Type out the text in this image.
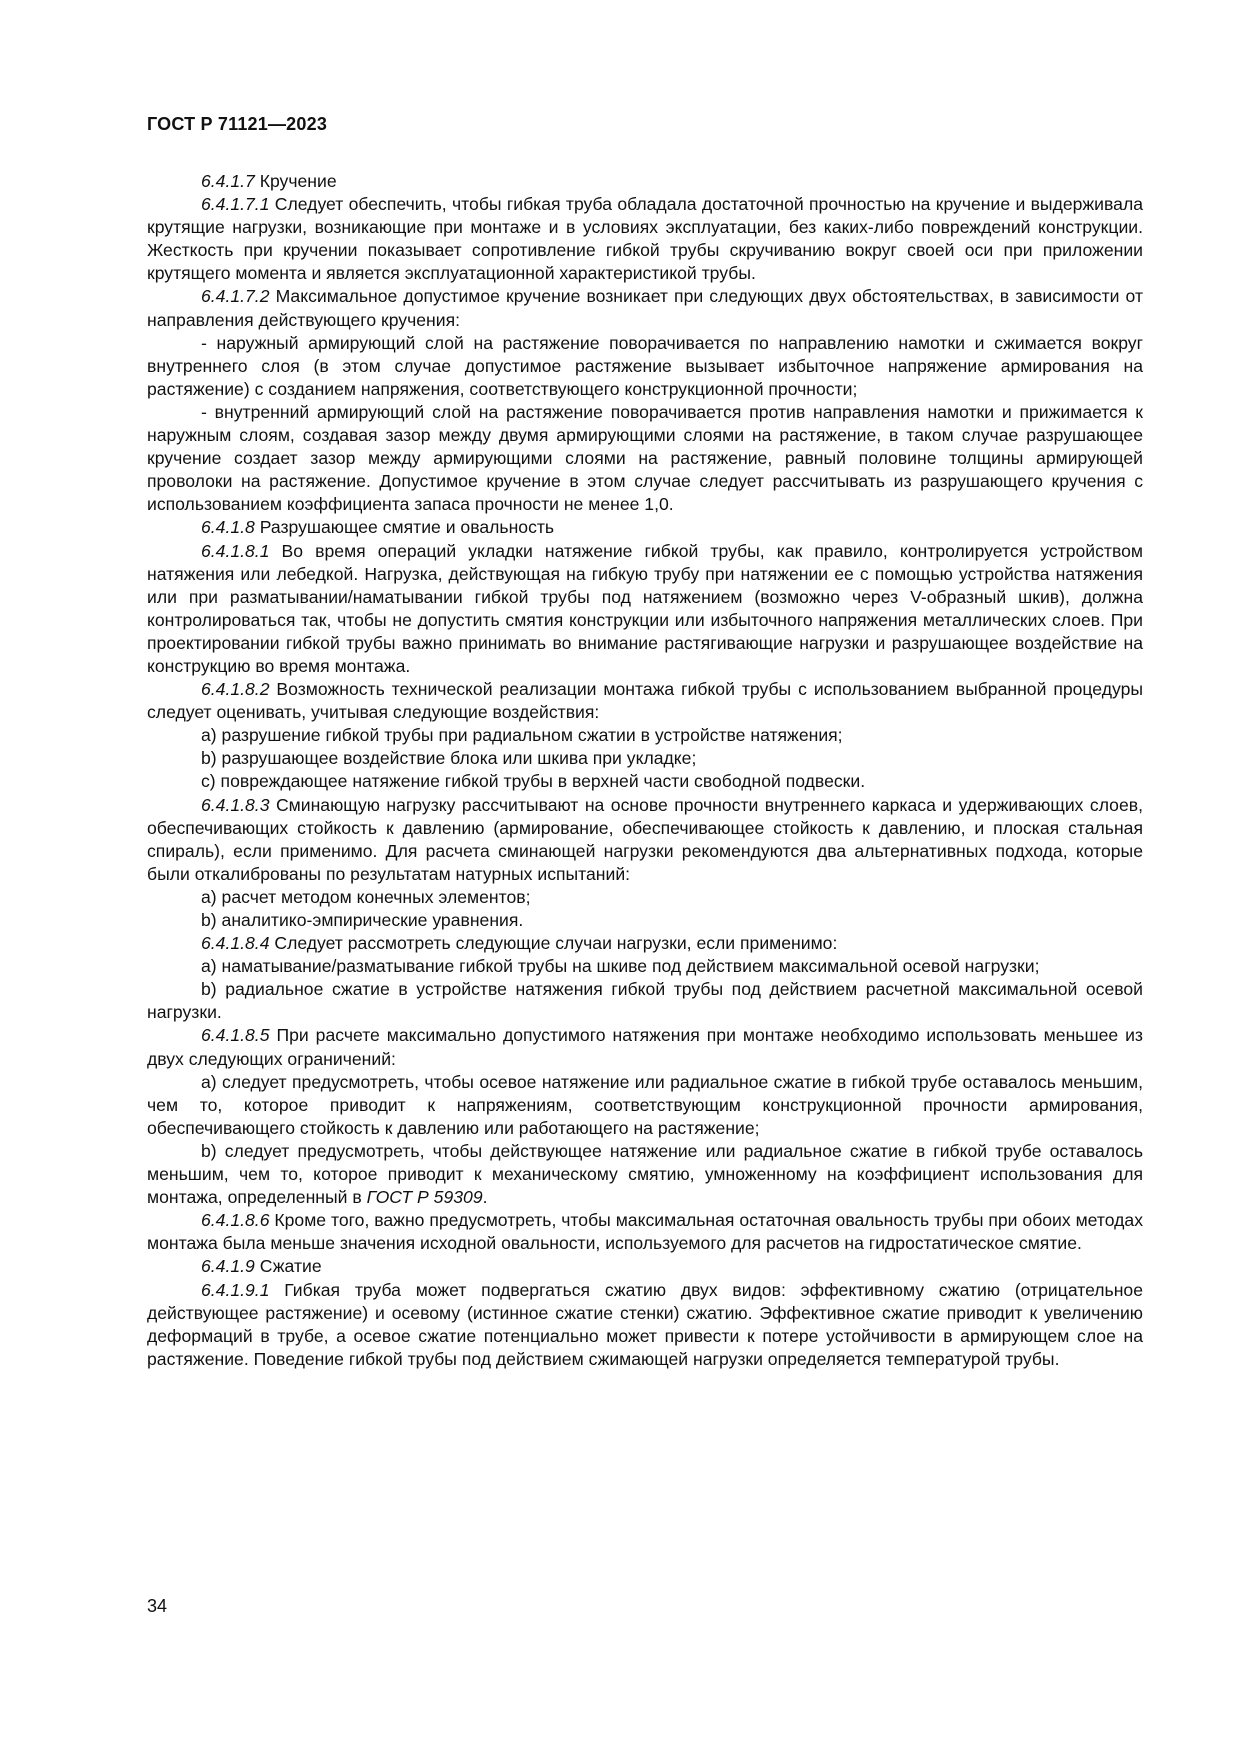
ГОСТ Р 71121—2023

6.4.1.7 Кручение

6.4.1.7.1 Следует обеспечить, чтобы гибкая труба обладала достаточной прочностью на кручение и выдерживала крутящие нагрузки, возникающие при монтаже и в условиях эксплуатации, без каких-либо повреждений конструкции. Жесткость при кручении показывает сопротивление гибкой трубы скручиванию вокруг своей оси при приложении крутящего момента и является эксплуатационной характеристикой трубы.

6.4.1.7.2 Максимальное допустимое кручение возникает при следующих двух обстоятельствах, в зависимости от направления действующего кручения:

- наружный армирующий слой на растяжение поворачивается по направлению намотки и сжимается вокруг внутреннего слоя (в этом случае допустимое растяжение вызывает избыточное напряжение армирования на растяжение) с созданием напряжения, соответствующего конструкционной прочности;

- внутренний армирующий слой на растяжение поворачивается против направления намотки и прижимается к наружным слоям, создавая зазор между двумя армирующими слоями на растяжение, в таком случае разрушающее кручение создает зазор между армирующими слоями на растяжение, равный половине толщины армирующей проволоки на растяжение. Допустимое кручение в этом случае следует рассчитывать из разрушающего кручения с использованием коэффициента запаса прочности не менее 1,0.

6.4.1.8 Разрушающее смятие и овальность

6.4.1.8.1 Во время операций укладки натяжение гибкой трубы, как правило, контролируется устройством натяжения или лебедкой. Нагрузка, действующая на гибкую трубу при натяжении ее с помощью устройства натяжения или при разматывании/наматывании гибкой трубы под натяжением (возможно через V-образный шкив), должна контролироваться так, чтобы не допустить смятия конструкции или избыточного напряжения металлических слоев. При проектировании гибкой трубы важно принимать во внимание растягивающие нагрузки и разрушающее воздействие на конструкцию во время монтажа.

6.4.1.8.2 Возможность технической реализации монтажа гибкой трубы с использованием выбранной процедуры следует оценивать, учитывая следующие воздействия:

a) разрушение гибкой трубы при радиальном сжатии в устройстве натяжения;

b) разрушающее воздействие блока или шкива при укладке;

c) повреждающее натяжение гибкой трубы в верхней части свободной подвески.

6.4.1.8.3 Сминающую нагрузку рассчитывают на основе прочности внутреннего каркаса и удерживающих слоев, обеспечивающих стойкость к давлению (армирование, обеспечивающее стойкость к давлению, и плоская стальная спираль), если применимо. Для расчета сминающей нагрузки рекомендуются два альтернативных подхода, которые были откалиброваны по результатам натурных испытаний:

a) расчет методом конечных элементов;

b) аналитико-эмпирические уравнения.

6.4.1.8.4 Следует рассмотреть следующие случаи нагрузки, если применимо:

a) наматывание/разматывание гибкой трубы на шкиве под действием максимальной осевой нагрузки;

b) радиальное сжатие в устройстве натяжения гибкой трубы под действием расчетной максимальной осевой нагрузки.

6.4.1.8.5 При расчете максимально допустимого натяжения при монтаже необходимо использовать меньшее из двух следующих ограничений:

a) следует предусмотреть, чтобы осевое натяжение или радиальное сжатие в гибкой трубе оставалось меньшим, чем то, которое приводит к напряжениям, соответствующим конструкционной прочности армирования, обеспечивающего стойкость к давлению или работающего на растяжение;

b) следует предусмотреть, чтобы действующее натяжение или радиальное сжатие в гибкой трубе оставалось меньшим, чем то, которое приводит к механическому смятию, умноженному на коэффициент использования для монтажа, определенный в ГОСТ Р 59309.

6.4.1.8.6 Кроме того, важно предусмотреть, чтобы максимальная остаточная овальность трубы при обоих методах монтажа была меньше значения исходной овальности, используемого для расчетов на гидростатическое смятие.

6.4.1.9 Сжатие

6.4.1.9.1 Гибкая труба может подвергаться сжатию двух видов: эффективному сжатию (отрицательное действующее растяжение) и осевому (истинное сжатие стенки) сжатию. Эффективное сжатие приводит к увеличению деформаций в трубе, а осевое сжатие потенциально может привести к потере устойчивости в армирующем слое на растяжение. Поведение гибкой трубы под действием сжимающей нагрузки определяется температурой трубы.

34
